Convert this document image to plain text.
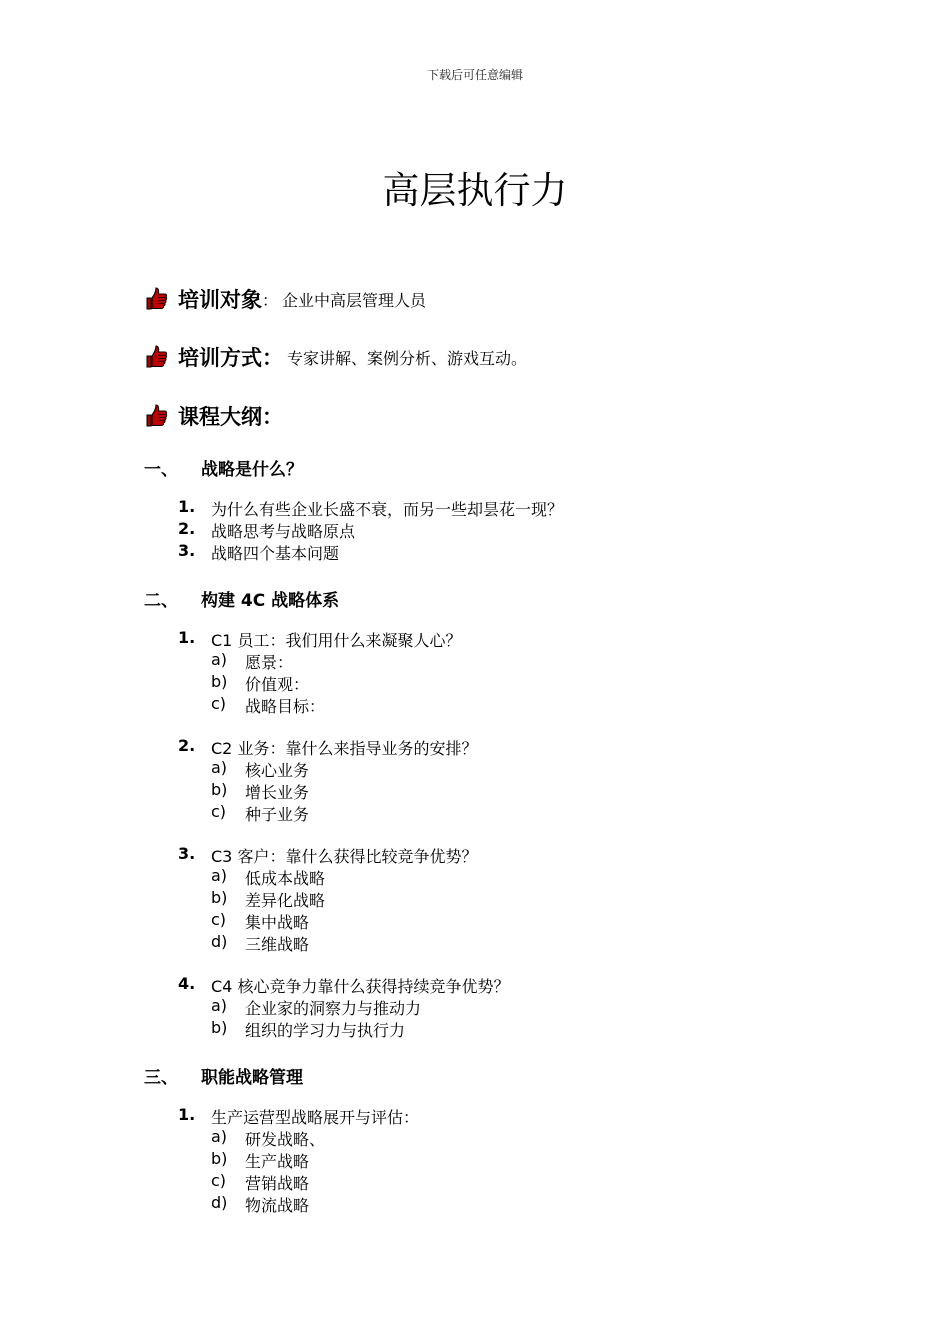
下载后可任意编辑
高层执行力
培训对象 ： 企业中高层管理人员
培训方式： 专家讲解、案例分析、游戏互动。
课程大纲：
一、	战略是什么？
1. 为什么有些企业长盛不衰，而另一些却昙花一现？
2. 战略思考与战略原点
3. 战略四个基本问题
二、	构建 4C 战略体系
1. C1 员工：我们用什么来凝聚人心？
a)	愿景：
b)	价值观：
c)	战略目标：
2. C2 业务：靠什么来指导业务的安排？
a)	核心业务
b)	增长业务
c)	种子业务
3. C3 客户：靠什么获得比较竞争优势？
a)	低成本战略
b)	差异化战略
c)	集中战略
d)	三维战略
4. C4 核心竞争力靠什么获得持续竞争优势？
a)	企业家的洞察力与推动力
b)	组织的学习力与执行力
三、	职能战略管理
1. 生产运营型战略展开与评估：
a)	研发战略、
b)	生产战略
c)	营销战略
d)	物流战略
